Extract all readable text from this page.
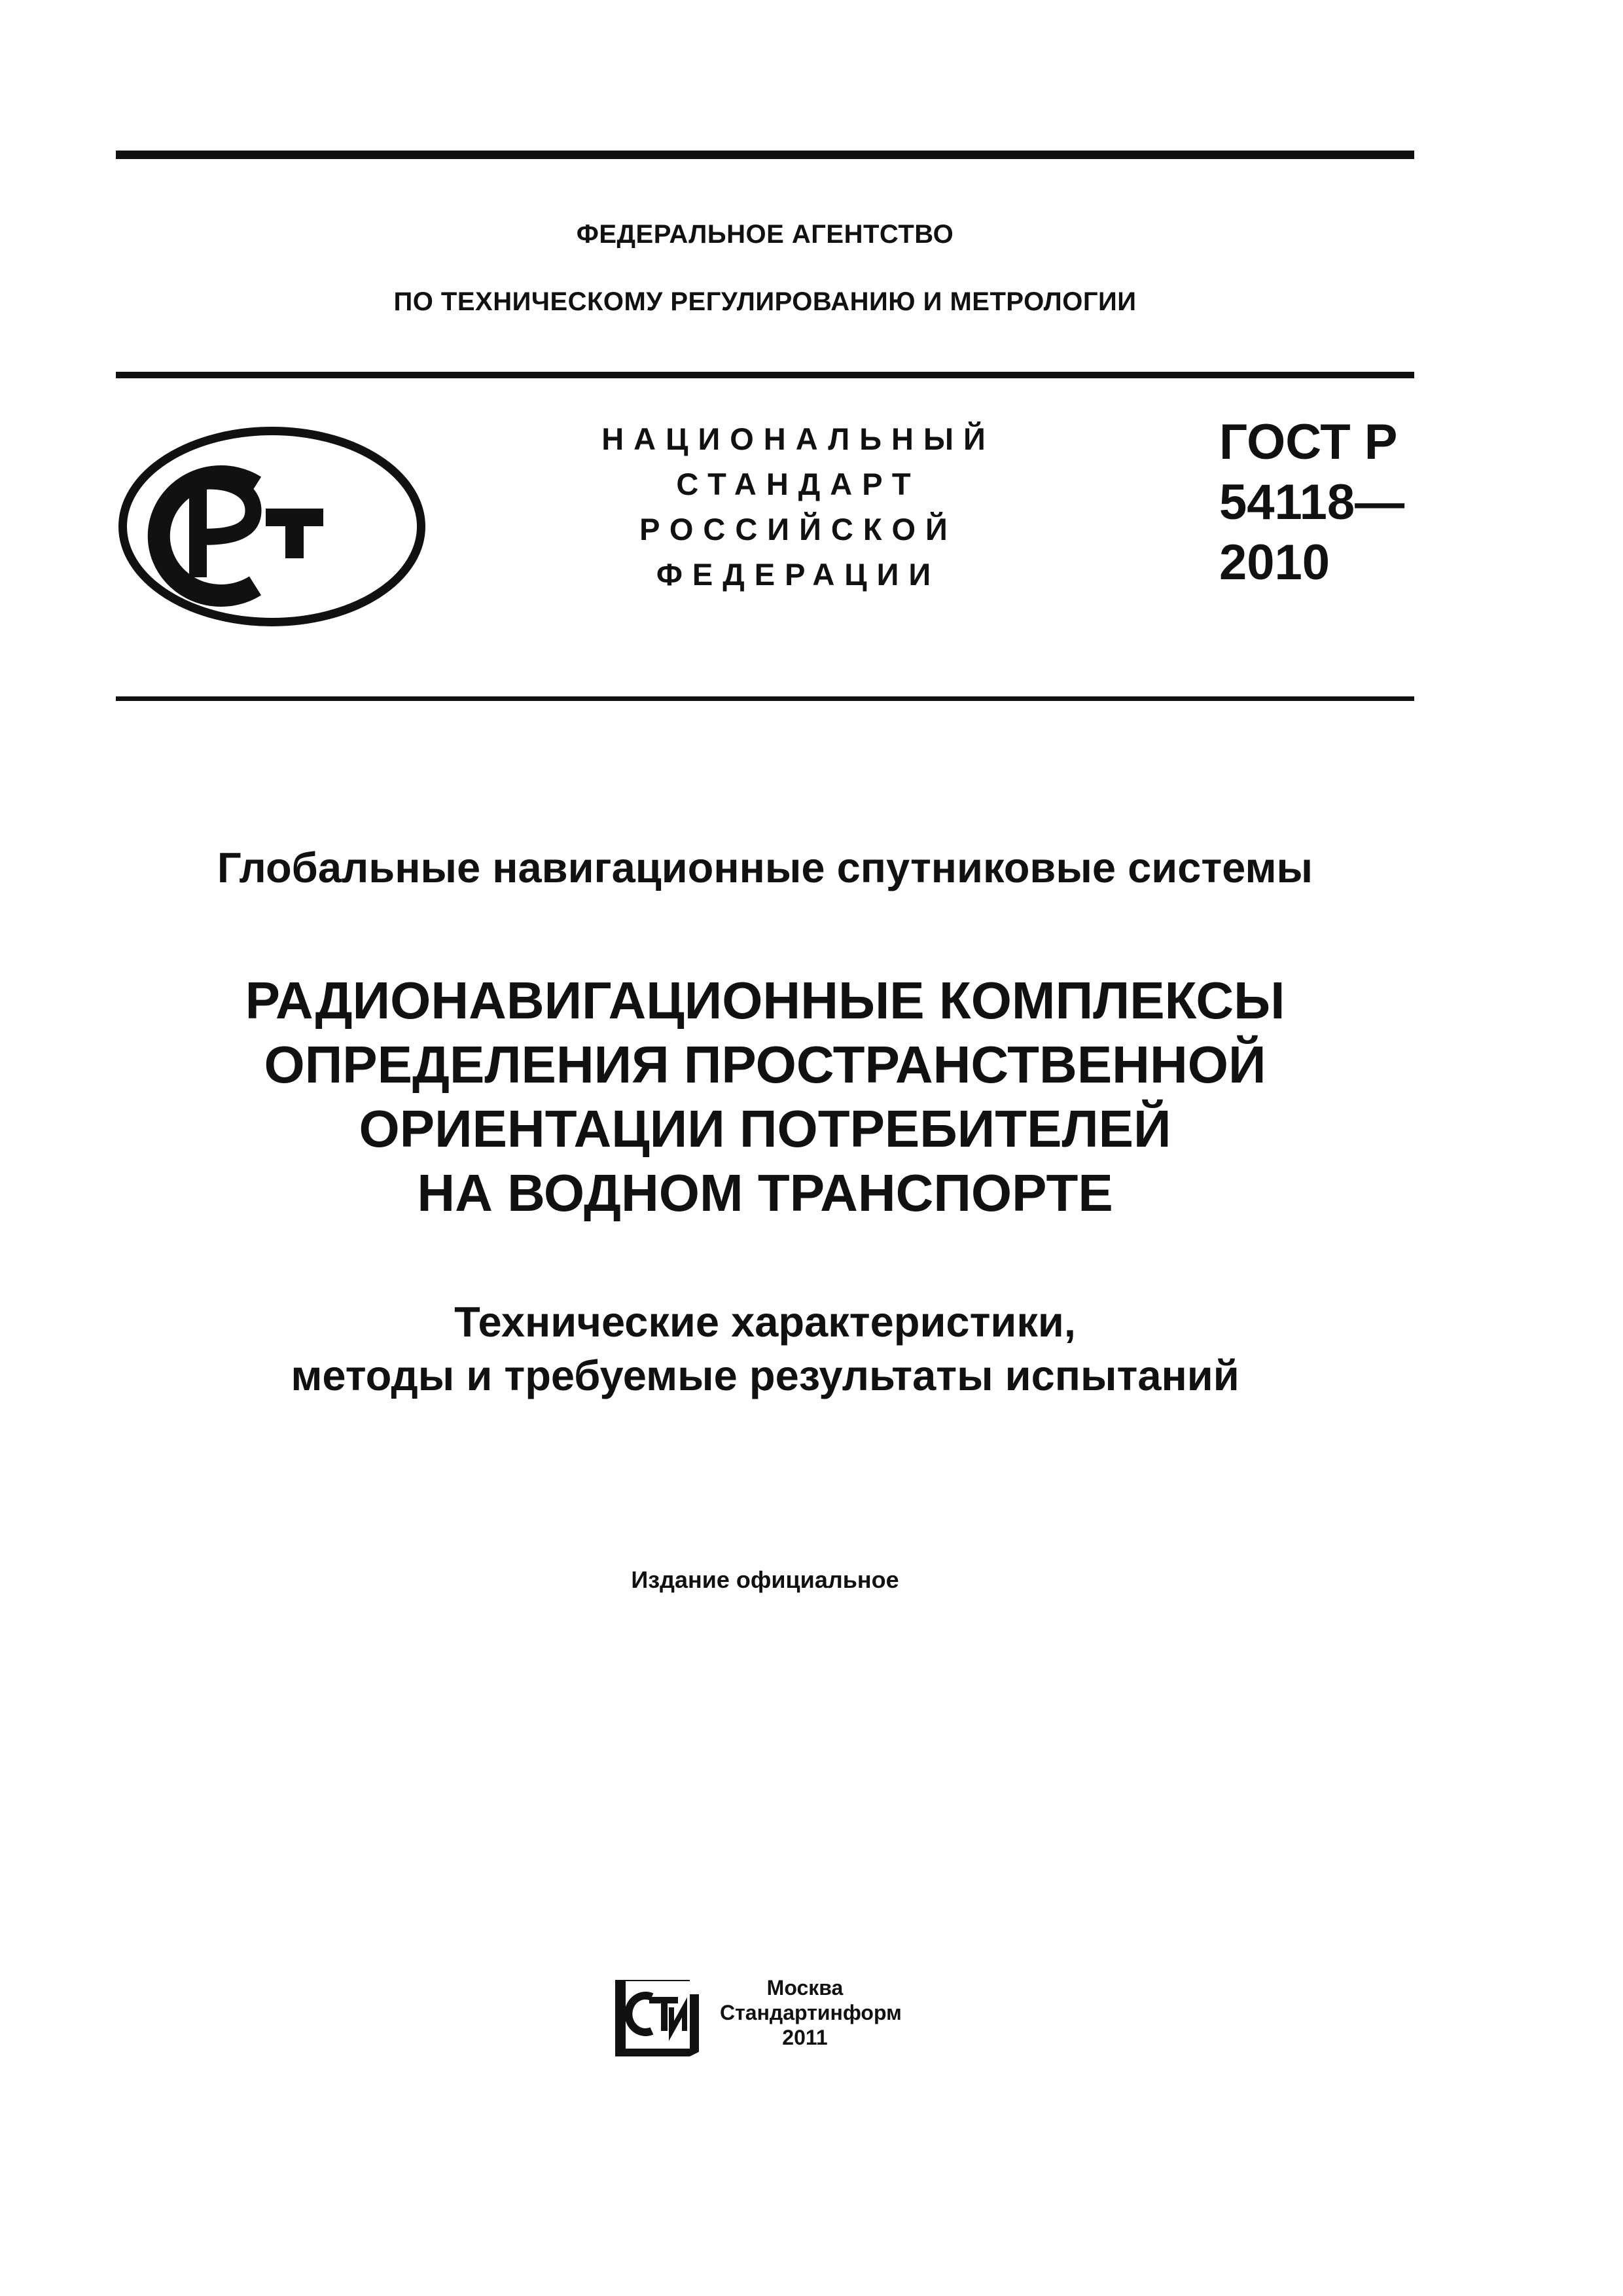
ФЕДЕРАЛЬНОЕ АГЕНТСТВО
ПО ТЕХНИЧЕСКОМУ РЕГУЛИРОВАНИЮ И МЕТРОЛОГИИ
НАЦИОНАЛЬНЫЙ
СТАНДАРТ
РОССИЙСКОЙ
ФЕДЕРАЦИИ
ГОСТ Р
54118—
2010
Глобальные навигационные спутниковые системы
РАДИОНАВИГАЦИОННЫЕ КОМПЛЕКСЫ
ОПРЕДЕЛЕНИЯ ПРОСТРАНСТВЕННОЙ
ОРИЕНТАЦИИ ПОТРЕБИТЕЛЕЙ
НА ВОДНОМ ТРАНСПОРТЕ
Технические характеристики,
методы и требуемые результаты испытаний
Издание официальное
Москва
Стандартинформ
2011
